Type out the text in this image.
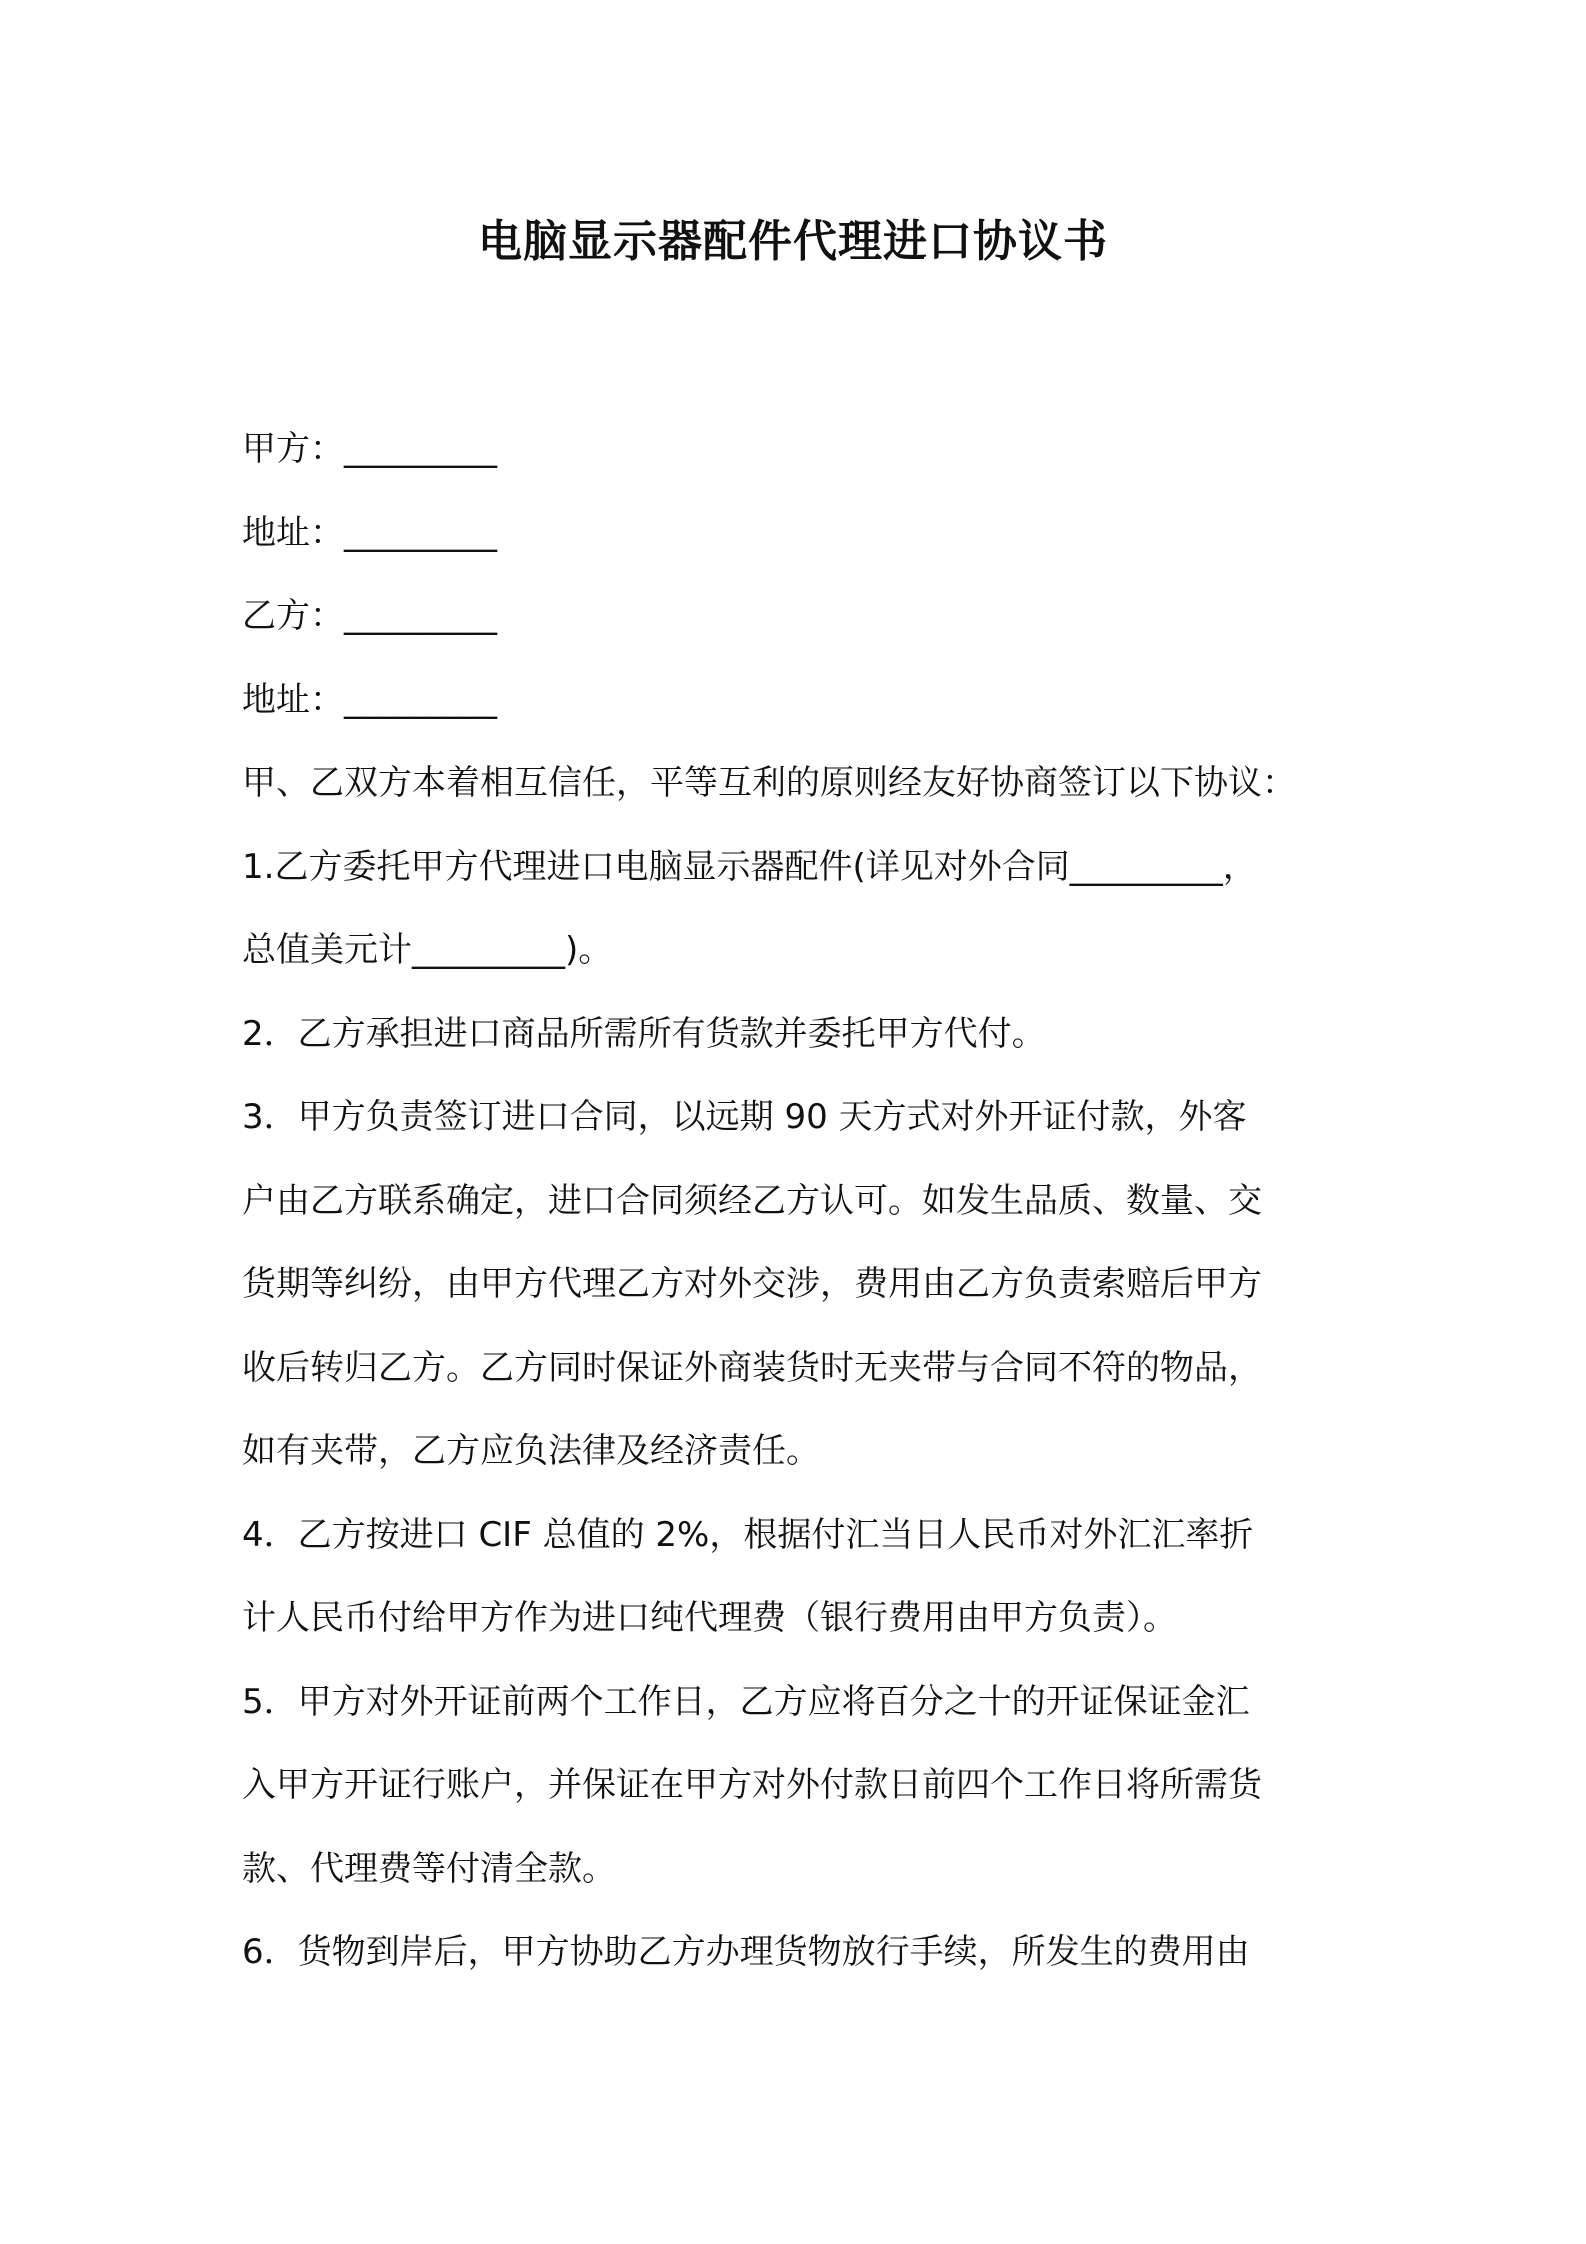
电脑显示器配件代理进口协议书

甲方：_________

地址：_________

乙方：_________

地址：_________

甲、乙双方本着相互信任，平等互利的原则经友好协商签订以下协议：

1.乙方委托甲方代理进口电脑显示器配件(详见对外合同_________，

总值美元计_________)。

2．乙方承担进口商品所需所有货款并委托甲方代付。

3．甲方负责签订进口合同，以远期 90 天方式对外开证付款，外客

户由乙方联系确定，进口合同须经乙方认可。如发生品质、数量、交

货期等纠纷，由甲方代理乙方对外交涉，费用由乙方负责索赔后甲方

收后转归乙方。乙方同时保证外商装货时无夹带与合同不符的物品，

如有夹带，乙方应负法律及经济责任。

4．乙方按进口 CIF 总值的 2%，根据付汇当日人民币对外汇汇率折

计人民币付给甲方作为进口纯代理费（银行费用由甲方负责）。

5．甲方对外开证前两个工作日，乙方应将百分之十的开证保证金汇

入甲方开证行账户，并保证在甲方对外付款日前四个工作日将所需货

款、代理费等付清全款。

6．货物到岸后，甲方协助乙方办理货物放行手续，所发生的费用由
